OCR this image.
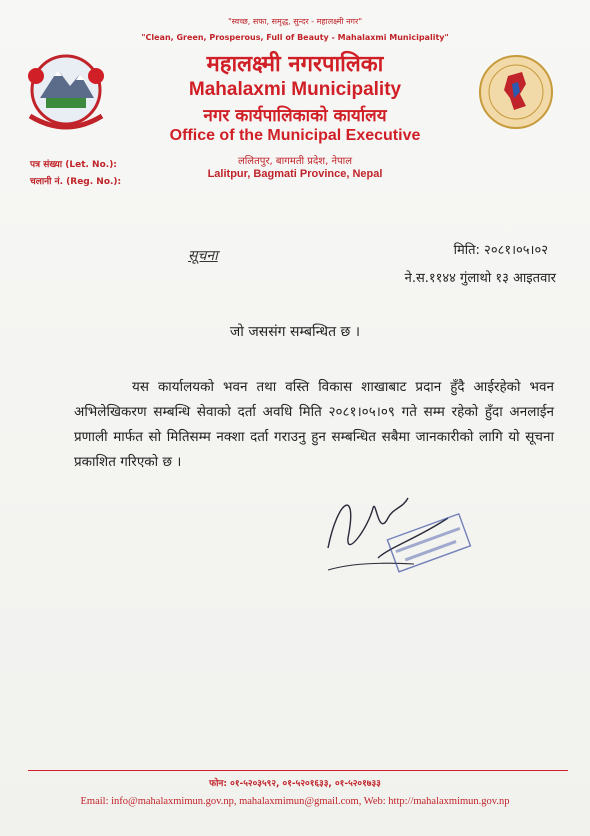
"स्वच्छ, सफा, समृद्ध, सुन्दर - महालक्ष्मी नगर"
"Clean, Green, Prosperous, Full of Beauty - Mahalaxmi Municipality"
महालक्ष्मी नगरपालिका
Mahalaxmi Municipality
नगर कार्यपालिकाको कार्यालय
Office of the Municipal Executive
ललितपुर, बागमती प्रदेश, नेपाल
Lalitpur, Bagmati Province, Nepal
पत्र संख्या (Let. No.):
चलानी नं. (Reg. No.):
सूचना	मिति: २०८१।०५।०२
ने.स.११४४ गुंलाथो १३ आइतवार
जो जससंग सम्बन्धित छ ।
यस कार्यालयको भवन तथा वस्ति विकास शाखाबाट प्रदान हुँदै आईरहेको भवन अभिलेखिकरण सम्बन्धि सेवाको दर्ता अवधि मिति २०८१।०५।०९ गते सम्म रहेको हुँदा अनलाईन प्रणाली मार्फत सो मितिसम्म नक्शा दर्ता गराउनु हुन सम्बन्धित सबैमा जानकारीको लागि यो सूचना प्रकाशित गरिएको छ ।
फोन: ०१-५२०३५९२, ०१-५२०१६३३, ०१-५२०१७३३
Email: info@mahalaxmimun.gov.np, mahalaxmimun@gmail.com, Web: http://mahalaxmimun.gov.np
